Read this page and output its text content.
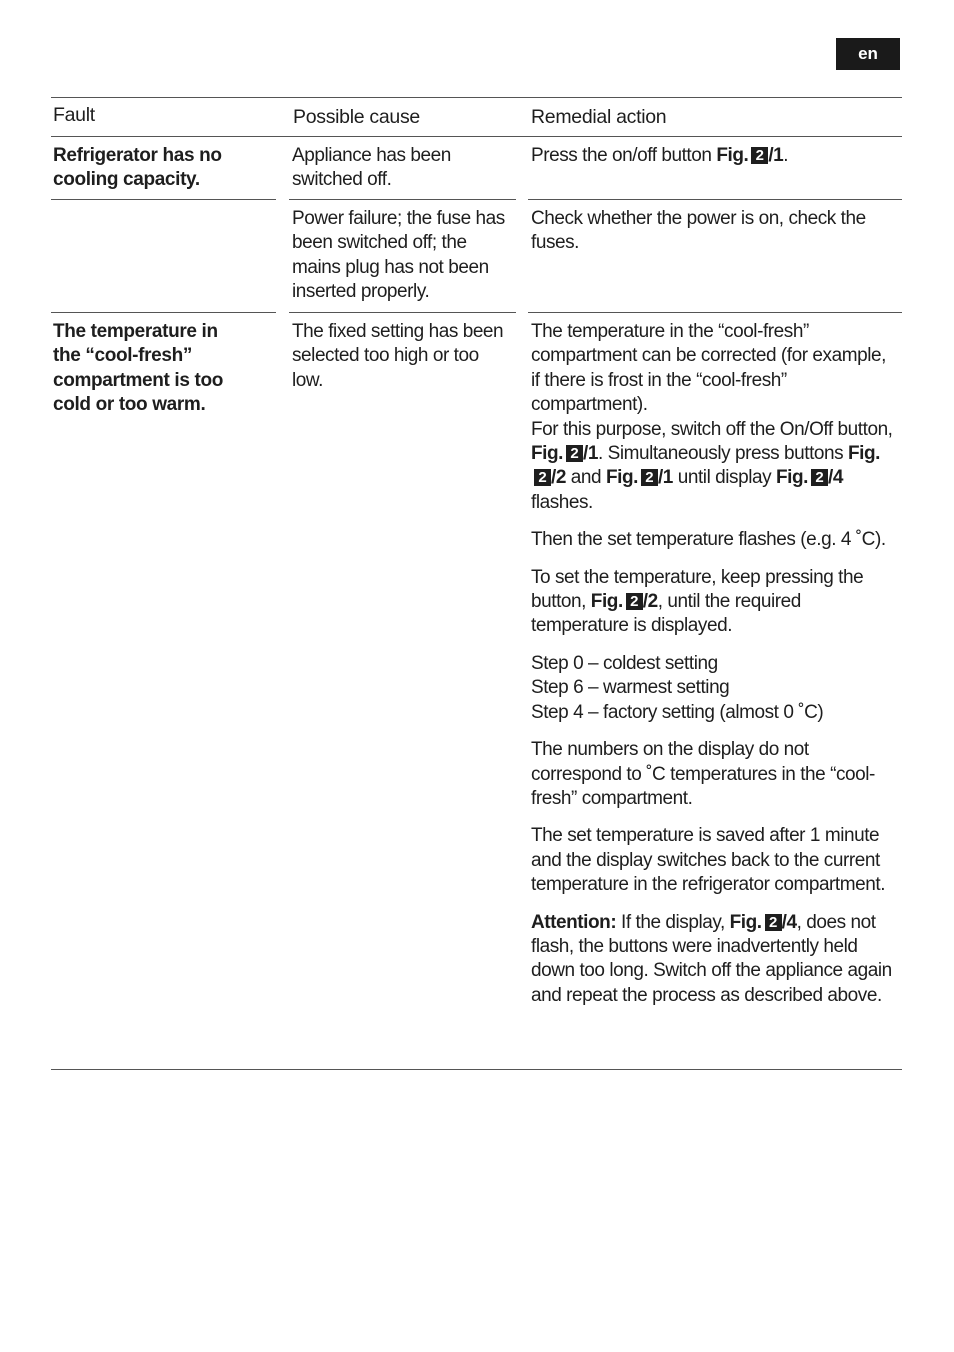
en
Fault	Possible cause	Remedial action
Refrigerator has no cooling capacity.
Appliance has been switched off.
Press the on/off button Fig. 2 /1.
Power failure; the fuse has been switched off; the mains plug has not been inserted properly.
Check whether the power is on, check the fuses.
The temperature in the “cool-fresh” compartment is too cold or too warm.
The fixed setting has been selected too high or too low.

The temperature in the “cool-fresh” compartment can be corrected (for example, if there is frost in the “cool-fresh” compartment).
For this purpose, switch off the On/Off button, Fig. 2 /1. Simultaneously press buttons Fig.2 /2 and Fig. 2 /1 until display Fig. 2 /4 flashes.

Then the set temperature flashes (e.g. 4 ˚C).

To set the temperature, keep pressing the button, Fig. 2 /2, until the required temperature is displayed.

Step 0 – coldest setting
Step 6 – warmest setting
Step 4 – factory setting (almost 0 ˚C)

The numbers on the display do not correspond to ˚C temperatures in the “cool-fresh” compartment.

The set temperature is saved after 1 minute and the display switches back to the current temperature in the refrigerator compartment.

Attention: If the display, Fig. 2 /4, does not flash, the buttons were inadvertently held down too long. Switch off the appliance again and repeat the process as described above.
